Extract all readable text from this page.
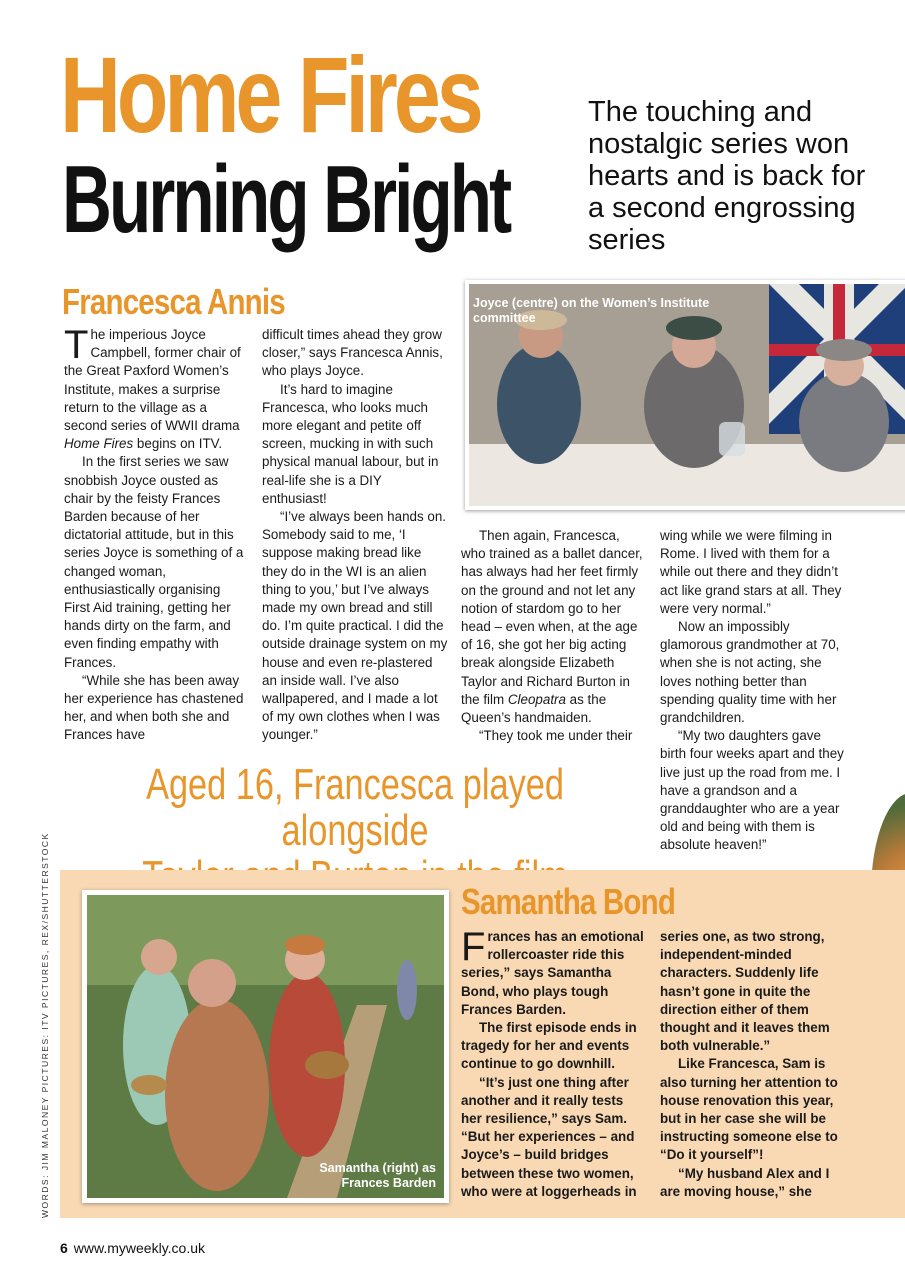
Home Fires
Burning Bright
The touching and nostalgic series won hearts and is back for a second engrossing series
Francesca Annis

The imperious Joyce Campbell, former chair of the Great Paxford Women’s Institute, makes a surprise return to the village as a second series of WWII drama Home Fires begins on ITV.

In the first series we saw snobbish Joyce ousted as chair by the feisty Frances Barden because of her dictatorial attitude, but in this series Joyce is something of a changed woman, enthusiastically organising First Aid training, getting her hands dirty on the farm, and even finding empathy with Frances.

“While she has been away her experience has chastened her, and when both she and Frances have

difficult times ahead they grow closer,” says Francesca Annis, who plays Joyce.

It’s hard to imagine Francesca, who looks much more elegant and petite off screen, mucking in with such physical manual labour, but in real-life she is a DIY enthusiast!

“I’ve always been hands on. Somebody said to me, ‘I suppose making bread like they do in the WI is an alien thing to you,’ but I’ve always made my own bread and still do. I’m quite practical. I did the outside drainage system on my house and even re-plastered an inside wall. I’ve also wallpapered, and I made a lot of my own clothes when I was younger.”

Joyce (centre) on the Women’s Institute committee

Then again, Francesca, who trained as a ballet dancer, has always had her feet firmly on the ground and not let any notion of stardom go to her head – even when, at the age of 16, she got her big acting break alongside Elizabeth Taylor and Richard Burton in the film Cleopatra as the Queen’s handmaiden.

“They took me under their

wing while we were filming in Rome. I lived with them for a while out there and they didn’t act like grand stars at all. They were very normal.”

Now an impossibly glamorous grandmother at 70, when she is not acting, she loves nothing better than spending quality time with her grandchildren.

“My two daughters gave birth four weeks apart and they live just up the road from me. I have a grandson and a granddaughter who are a year old and being with them is absolute heaven!”

Aged 16, Francesca played alongside
WORDS: JIM MALONEY PICTURES: ITV PICTURES, REX/SHUTTERSTOCK	Samantha (right) as Frances Barden
Samantha Bond

Frances has an emotional rollercoaster ride this series,” says Samantha Bond, who plays tough Frances Barden.

The first episode ends in tragedy for her and events continue to go downhill.

“It’s just one thing after another and it really tests her resilience,” says Sam. “But her experiences – and Joyce’s – build bridges between these two women, who were at loggerheads in

series one, as two strong, independent-minded characters. Suddenly life hasn’t gone in quite the direction either of them thought and it leaves them both vulnerable.”

Like Francesca, Sam is also turning her attention to house renovation this year, but in her case she will be instructing someone else to “Do it yourself”!

“My husband Alex and I are moving house,” she

6 www.myweekly.co.uk
